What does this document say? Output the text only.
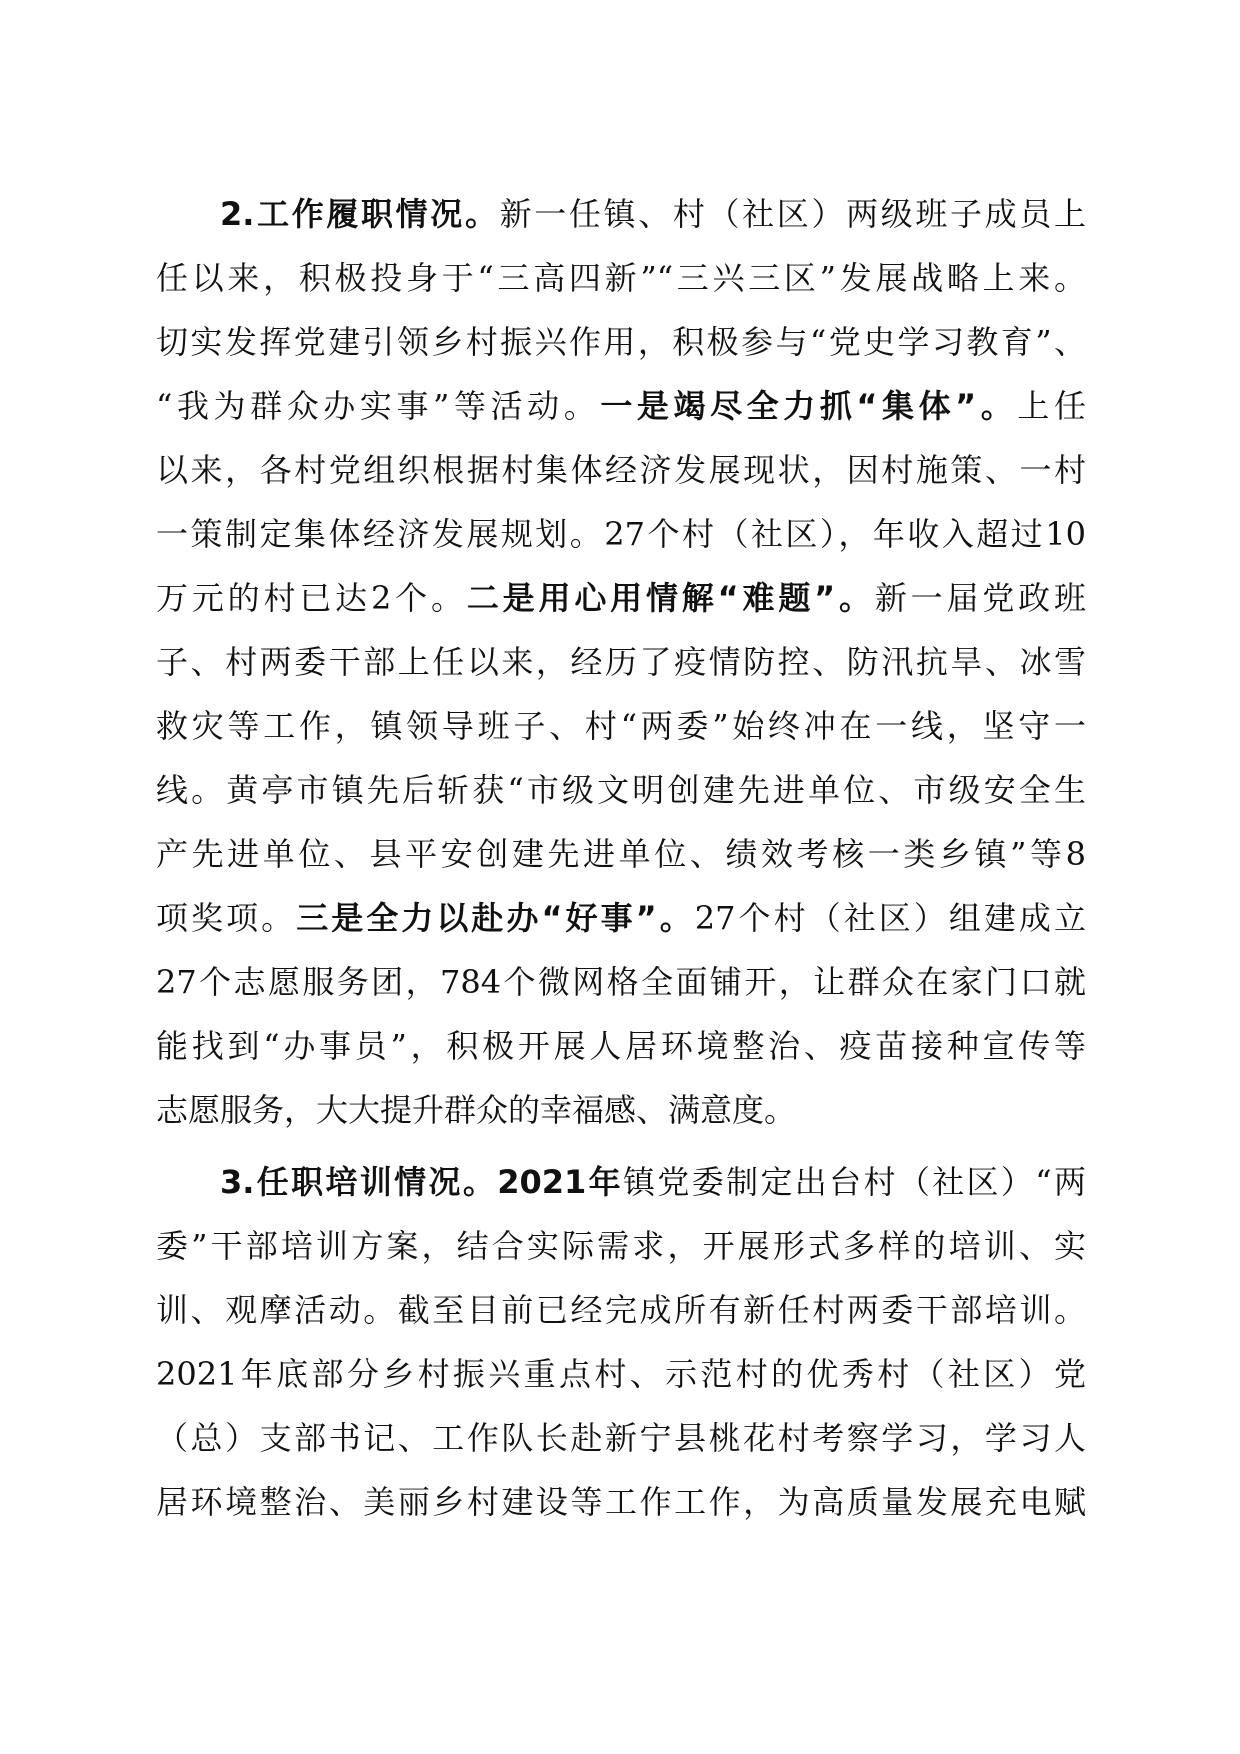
2.工作履职情况。新一任镇、村（社区）两级班子成员上
任以来，积极投身于“三高四新”“三兴三区”发展战略上来。
切实发挥党建引领乡村振兴作用，积极参与“党史学习教育”、
“我为群众办实事”等活动。一是竭尽全力抓“集体”。上任
以来，各村党组织根据村集体经济发展现状，因村施策、一村
一策制定集体经济发展规划。27个村（社区），年收入超过10
万元的村已达2个。二是用心用情解“难题”。新一届党政班
子、村两委干部上任以来，经历了疫情防控、防汛抗旱、冰雪
救灾等工作，镇领导班子、村“两委”始终冲在一线，坚守一
线。黄亭市镇先后斩获“市级文明创建先进单位、市级安全生
产先进单位、县平安创建先进单位、绩效考核一类乡镇”等8
项奖项。三是全力以赴办“好事”。27个村（社区）组建成立
27个志愿服务团，784个微网格全面铺开，让群众在家门口就
能找到“办事员”，积极开展人居环境整治、疫苗接种宣传等
志愿服务，大大提升群众的幸福感、满意度。
3.任职培训情况。2021年镇党委制定出台村（社区）“两
委”干部培训方案，结合实际需求，开展形式多样的培训、实
训、观摩活动。截至目前已经完成所有新任村两委干部培训。
2021年底部分乡村振兴重点村、示范村的优秀村（社区）党
（总）支部书记、工作队长赴新宁县桃花村考察学习，学习人
居环境整治、美丽乡村建设等工作工作，为高质量发展充电赋
